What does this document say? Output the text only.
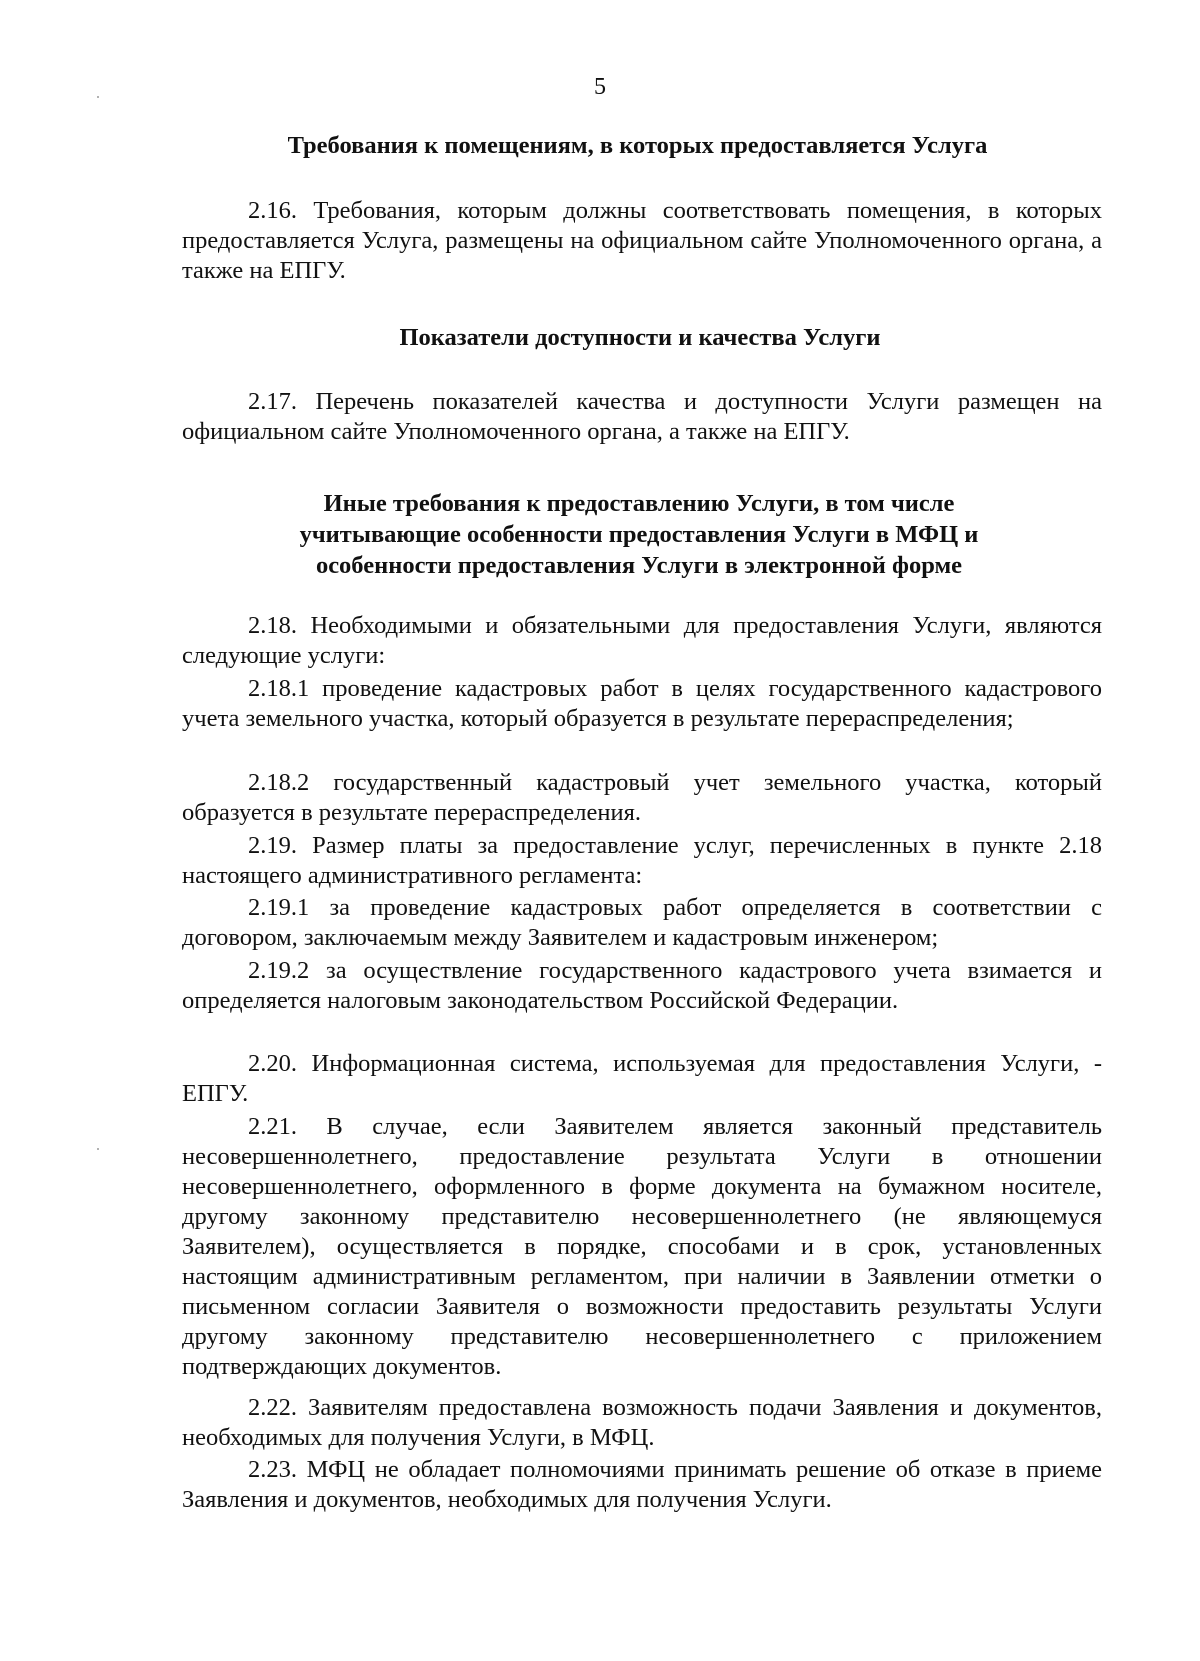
5
Требования к помещениям, в которых предоставляется Услуга

2.16. Требования, которым должны соответствовать помещения, в которых предоставляется Услуга, размещены на официальном сайте Уполномоченного органа, а также на ЕПГУ.

Показатели доступности и качества Услуги

2.17. Перечень показателей качества и доступности Услуги размещен на официальном сайте Уполномоченного органа, а также на ЕПГУ.

Иные требования к предоставлению Услуги, в том числе
учитывающие особенности предоставления Услуги в МФЦ и
особенности предоставления Услуги в электронной форме

2.18. Необходимыми и обязательными для предоставления Услуги, являются следующие услуги:

2.18.1 проведение кадастровых работ в целях государственного кадастрового учета земельного участка, который образуется в результате перераспределения;

2.18.2 государственный кадастровый учет земельного участка, который образуется в результате перераспределения.

2.19. Размер платы за предоставление услуг, перечисленных в пункте 2.18 настоящего административного регламента:

2.19.1 за проведение кадастровых работ определяется в соответствии с договором, заключаемым между Заявителем и кадастровым инженером;

2.19.2 за осуществление государственного кадастрового учета взимается и определяется налоговым законодательством Российской Федерации.

2.20. Информационная система, используемая для предоставления Услуги, - ЕПГУ.

2.21. В случае, если Заявителем является законный представитель несовершеннолетнего, предоставление результата Услуги в отношении несовершеннолетнего, оформленного в форме документа на бумажном носителе, другому законному представителю несовершеннолетнего (не являющемуся Заявителем), осуществляется в порядке, способами и в срок, установленных настоящим административным регламентом, при наличии в Заявлении отметки о письменном согласии Заявителя о возможности предоставить результаты Услуги другому законному представителю несовершеннолетнего с приложением подтверждающих документов.

2.22. Заявителям предоставлена возможность подачи Заявления и документов, необходимых для получения Услуги, в МФЦ.

2.23. МФЦ не обладает полномочиями принимать решение об отказе в приеме Заявления и документов, необходимых для получения Услуги.
